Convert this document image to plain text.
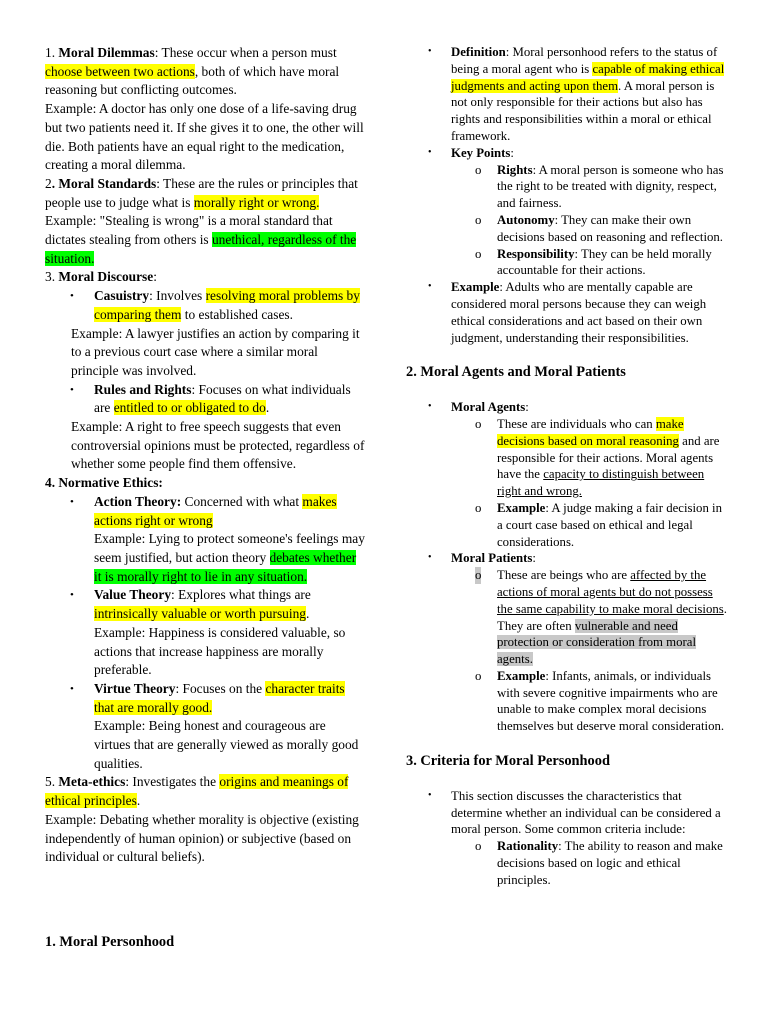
1. Moral Dilemmas: These occur when a person must choose between two actions, both of which have moral reasoning but conflicting outcomes.

Example: A doctor has only one dose of a life-saving drug but two patients need it. If she gives it to one, the other will die. Both patients have an equal right to the medication, creating a moral dilemma.

2. Moral Standards: These are the rules or principles that people use to judge what is morally right or wrong.

Example: "Stealing is wrong" is a moral standard that dictates stealing from others is unethical, regardless of the situation.

3. Moral Discourse:

• Casuistry: Involves resolving moral problems by comparing them to established cases.

Example: A lawyer justifies an action by comparing it to a previous court case where a similar moral principle was involved.

• Rules and Rights: Focuses on what individuals are entitled to or obligated to do.

Example: A right to free speech suggests that even controversial opinions must be protected, regardless of whether some people find them offensive.

4. Normative Ethics:

• Action Theory: Concerned with what makes actions right or wrong
Example: Lying to protect someone's feelings may seem justified, but action theory debates whether it is morally right to lie in any situation.
• Value Theory: Explores what things are intrinsically valuable or worth pursuing.
Example: Happiness is considered valuable, so actions that increase happiness are morally preferable.
• Virtue Theory: Focuses on the character traits that are morally good.
Example: Being honest and courageous are virtues that are generally viewed as morally good qualities.

5. Meta-ethics: Investigates the origins and meanings of ethical principles.

Example: Debating whether morality is objective (existing independently of human opinion) or subjective (based on individual or cultural beliefs).

1. Moral Personhood
• Definition: Moral personhood refers to the status of being a moral agent who is capable of making ethical judgments and acting upon them. A moral person is not only responsible for their actions but also has rights and responsibilities within a moral or ethical framework.
• Key Points:
o Rights: A moral person is someone who has the right to be treated with dignity, respect, and fairness.
o Autonomy: They can make their own decisions based on reasoning and reflection.
o Responsibility: They can be held morally accountable for their actions.
• Example: Adults who are mentally capable are considered moral persons because they can weigh ethical considerations and act based on their own judgment, understanding their responsibilities.
2. Moral Agents and Moral Patients
• Moral Agents:
o These are individuals who can make decisions based on moral reasoning and are responsible for their actions. Moral agents have the capacity to distinguish between right and wrong.
o Example: A judge making a fair decision in a court case based on ethical and legal considerations.
• Moral Patients:
o These are beings who are affected by the actions of moral agents but do not possess the same capability to make moral decisions. They are often vulnerable and need protection or consideration from moral agents.
o Example: Infants, animals, or individuals with severe cognitive impairments who are unable to make complex moral decisions themselves but deserve moral consideration.
3. Criteria for Moral Personhood
• This section discusses the characteristics that determine whether an individual can be considered a moral person. Some common criteria include:
o Rationality: The ability to reason and make decisions based on logic and ethical principles.
